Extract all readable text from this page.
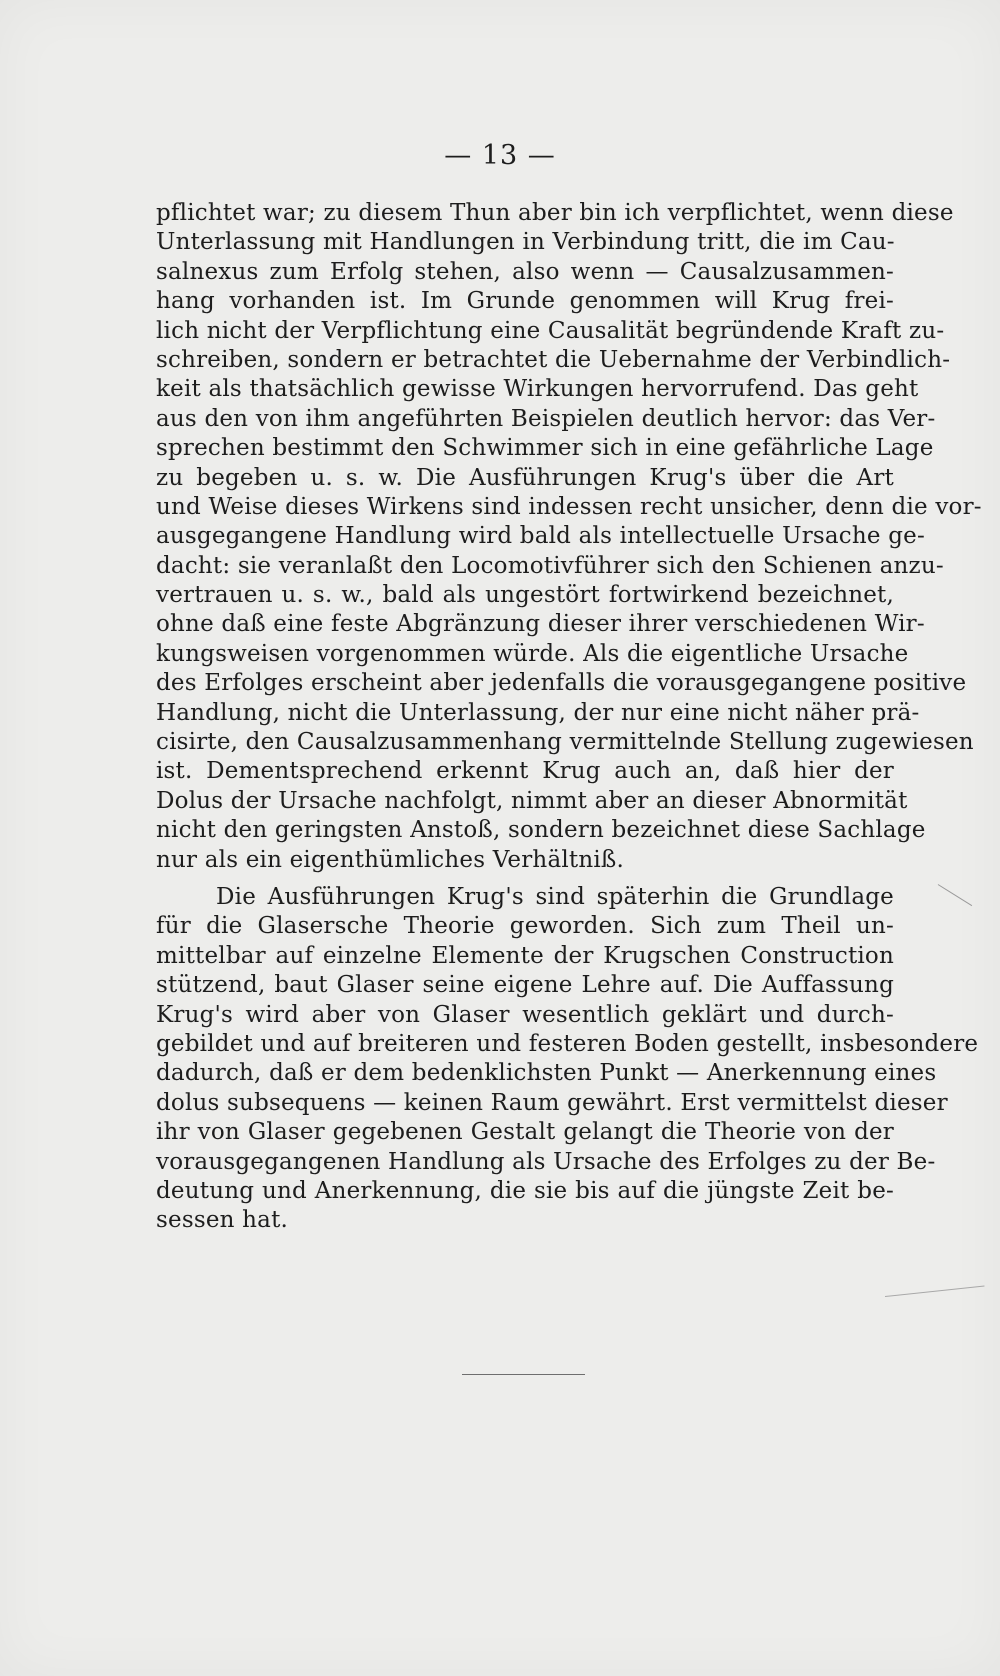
— 13 —
pflichtet war; zu diesem Thun aber bin ich verpflichtet, wenn diese
Unterlassung mit Handlungen in Verbindung tritt, die im Cau-
salnexus zum Erfolg stehen, also wenn — Causalzusammen-
hang vorhanden ist. Im Grunde genommen will Krug frei-
lich nicht der Verpflichtung eine Causalität begründende Kraft zu-
schreiben, sondern er betrachtet die Uebernahme der Verbindlich-
keit als thatsächlich gewisse Wirkungen hervorrufend. Das geht
aus den von ihm angeführten Beispielen deutlich hervor: das Ver-
sprechen bestimmt den Schwimmer sich in eine gefährliche Lage
zu begeben u. s. w. Die Ausführungen Krug's über die Art
und Weise dieses Wirkens sind indessen recht unsicher, denn die vor-
ausgegangene Handlung wird bald als intellectuelle Ursache ge-
dacht: sie veranlaßt den Locomotivführer sich den Schienen anzu-
vertrauen u. s. w., bald als ungestört fortwirkend bezeichnet,
ohne daß eine feste Abgränzung dieser ihrer verschiedenen Wir-
kungsweisen vorgenommen würde. Als die eigentliche Ursache
des Erfolges erscheint aber jedenfalls die vorausgegangene positive
Handlung, nicht die Unterlassung, der nur eine nicht näher prä-
cisirte, den Causalzusammenhang vermittelnde Stellung zugewiesen
ist. Dementsprechend erkennt Krug auch an, daß hier der
Dolus der Ursache nachfolgt, nimmt aber an dieser Abnormität
nicht den geringsten Anstoß, sondern bezeichnet diese Sachlage
nur als ein eigenthümliches Verhältniß.
Die Ausführungen Krug's sind späterhin die Grundlage
für die Glasersche Theorie geworden. Sich zum Theil un-
mittelbar auf einzelne Elemente der Krugschen Construction
stützend, baut Glaser seine eigene Lehre auf. Die Auffassung
Krug's wird aber von Glaser wesentlich geklärt und durch-
gebildet und auf breiteren und festeren Boden gestellt, insbesondere
dadurch, daß er dem bedenklichsten Punkt — Anerkennung eines
dolus subsequens — keinen Raum gewährt. Erst vermittelst dieser
ihr von Glaser gegebenen Gestalt gelangt die Theorie von der
vorausgegangenen Handlung als Ursache des Erfolges zu der Be-
deutung und Anerkennung, die sie bis auf die jüngste Zeit be-
sessen hat.
